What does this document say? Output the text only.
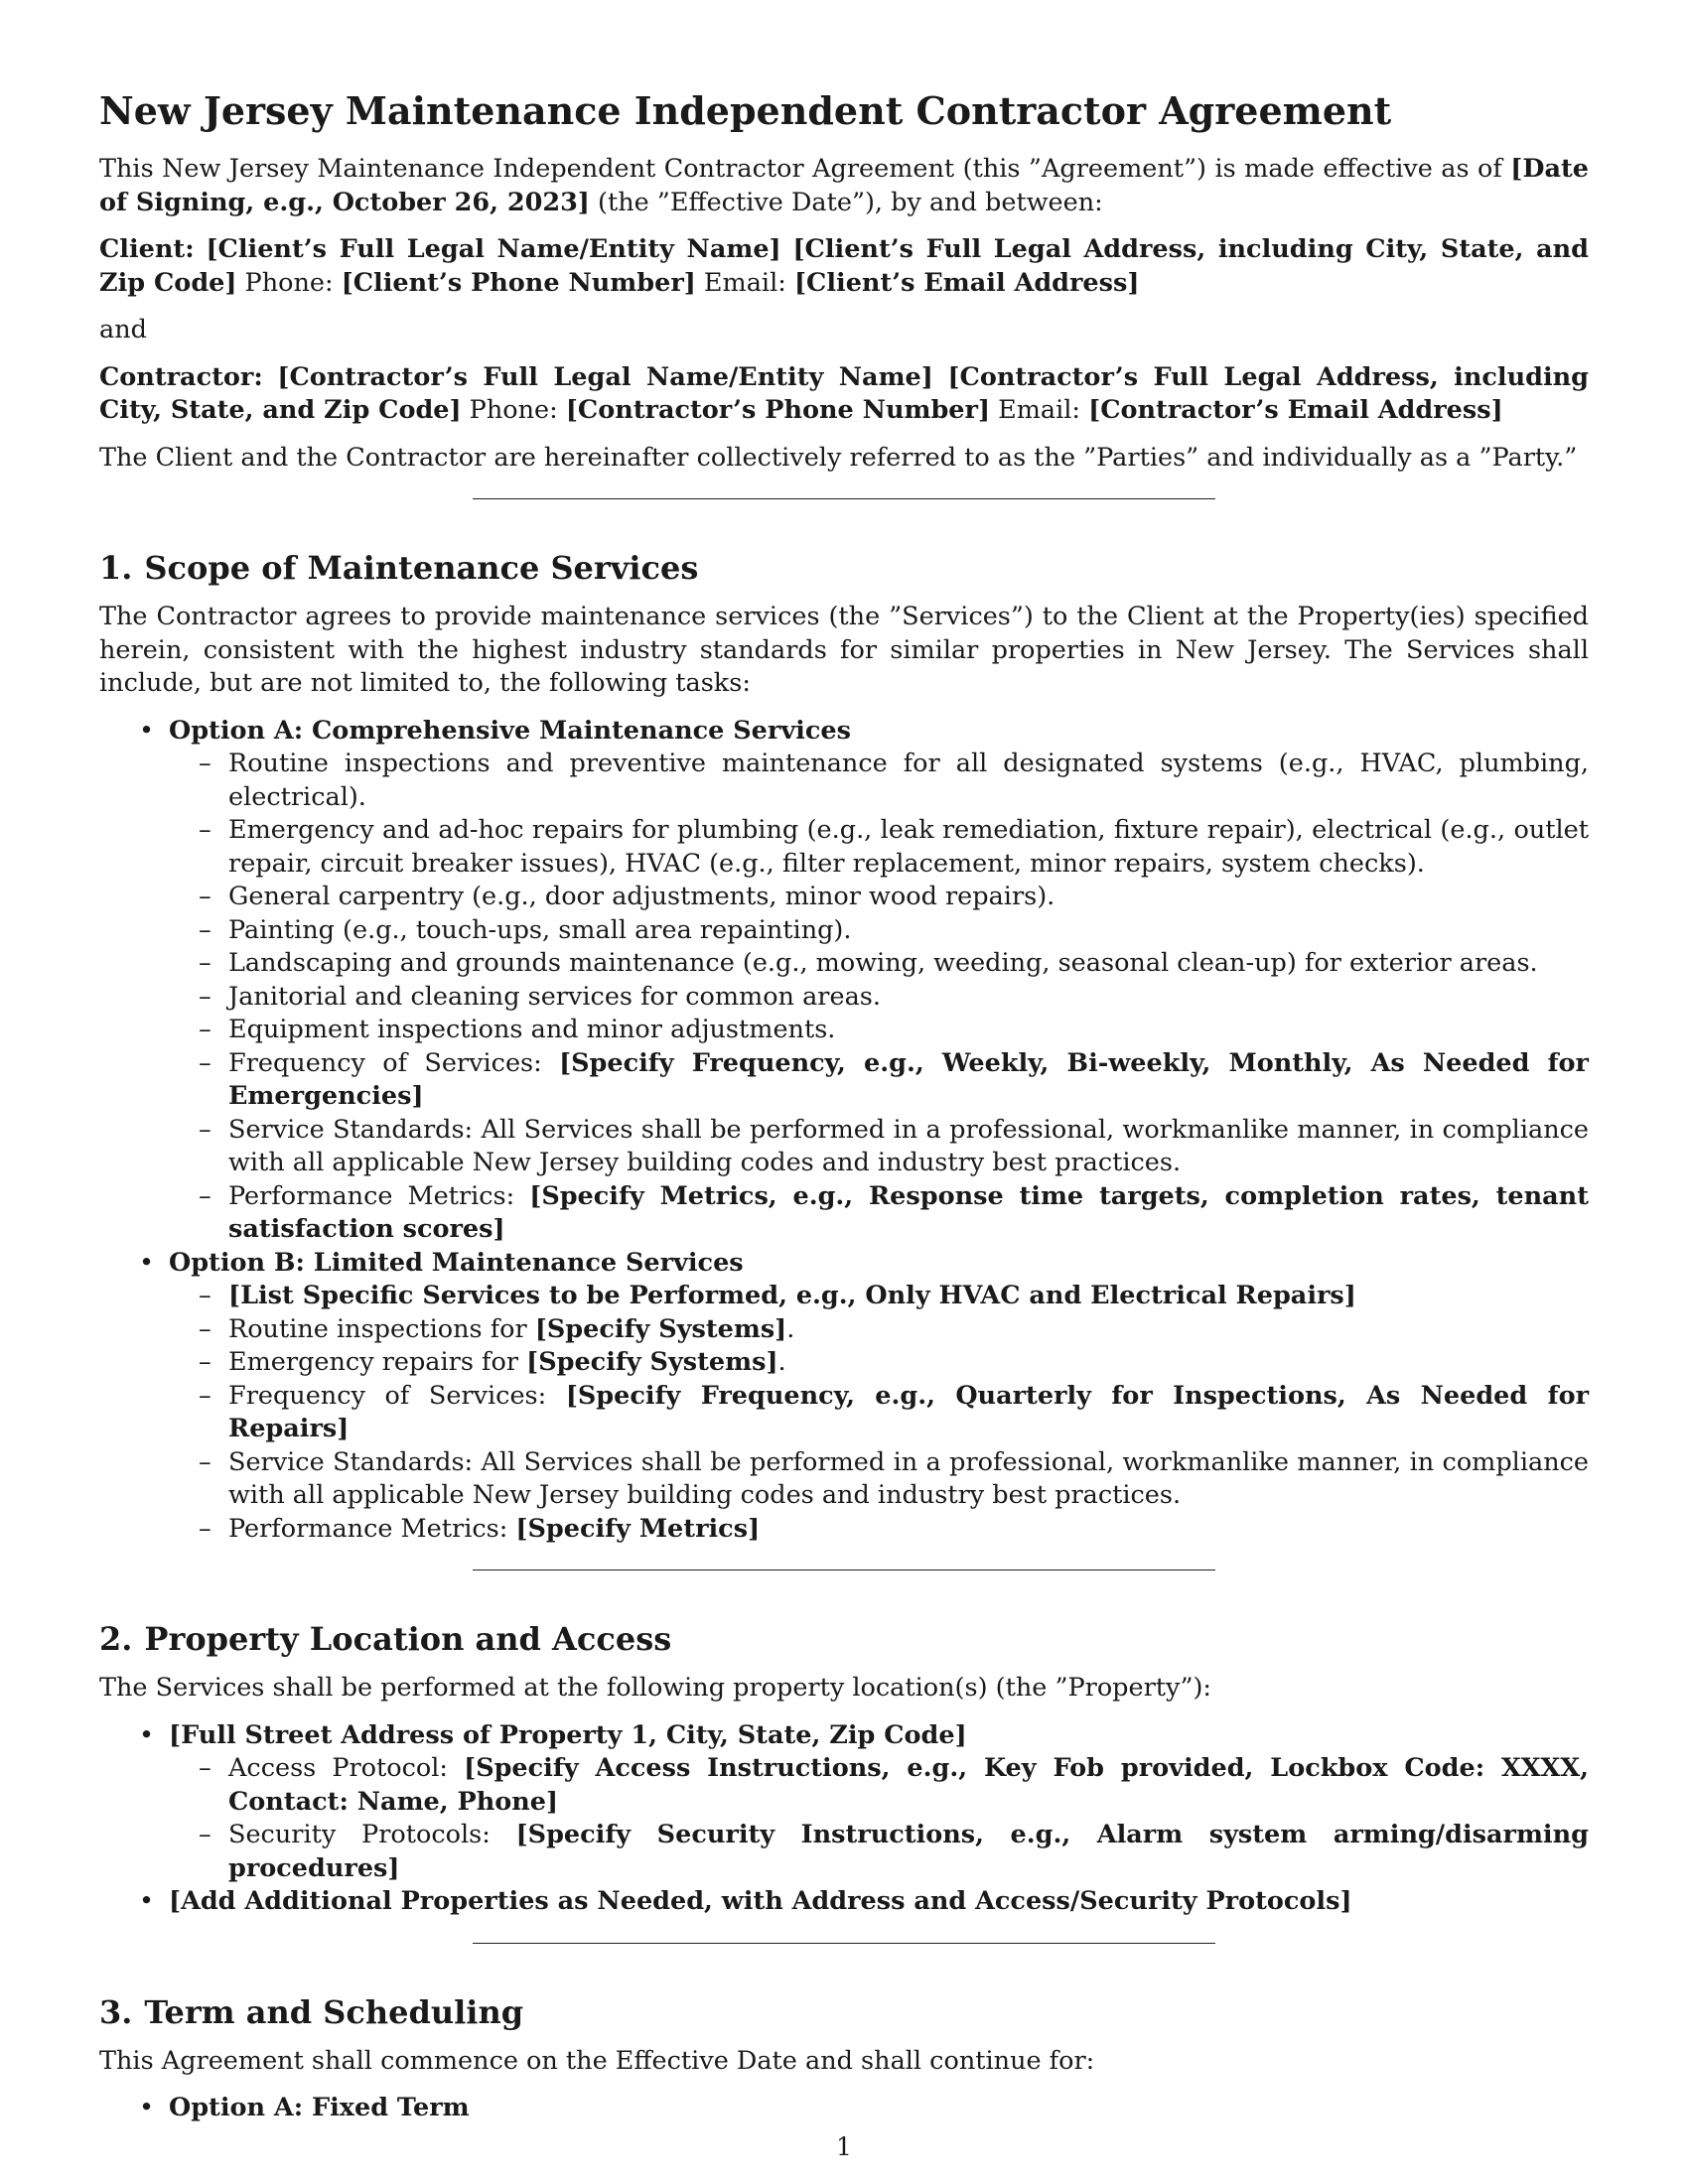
New Jersey Maintenance Independent Contractor Agreement

This New Jersey Maintenance Independent Contractor Agreement (this ”Agreement”) is made effective as of [Date of Signing, e.g., October 26, 2023] (the ”Effective Date”), by and between:

Client: [Client’s Full Legal Name/Entity Name] [Client’s Full Legal Address, including City, State, and Zip Code] Phone: [Client’s Phone Number] Email: [Client’s Email Address]

and

Contractor: [Contractor’s Full Legal Name/Entity Name] [Contractor’s Full Legal Address, including City, State, and Zip Code] Phone: [Contractor’s Phone Number] Email: [Contractor’s Email Address]

The Client and the Contractor are hereinafter collectively referred to as the ”Parties” and individually as a ”Party.”

1. Scope of Maintenance Services

The Contractor agrees to provide maintenance services (the ”Services”) to the Client at the Property(ies) specified herein, consistent with the highest industry standards for similar properties in New Jersey. The Services shall include, but are not limited to, the following tasks:

• Option A: Comprehensive Maintenance Services
– Routine inspections and preventive maintenance for all designated systems (e.g., HVAC, plumbing, electrical).
– Emergency and ad-hoc repairs for plumbing (e.g., leak remediation, fixture repair), electrical (e.g., outlet repair, circuit breaker issues), HVAC (e.g., filter replacement, minor repairs, system checks).
– General carpentry (e.g., door adjustments, minor wood repairs).
– Painting (e.g., touch-ups, small area repainting).
– Landscaping and grounds maintenance (e.g., mowing, weeding, seasonal clean-up) for exterior areas.
– Janitorial and cleaning services for common areas.
– Equipment inspections and minor adjustments.
– Frequency of Services: [Specify Frequency, e.g., Weekly, Bi-weekly, Monthly, As Needed for Emergencies]
– Service Standards: All Services shall be performed in a professional, workmanlike manner, in compliance with all applicable New Jersey building codes and industry best practices.
– Performance Metrics: [Specify Metrics, e.g., Response time targets, completion rates, tenant satisfaction scores]
• Option B: Limited Maintenance Services
– [List Specific Services to be Performed, e.g., Only HVAC and Electrical Repairs]
– Routine inspections for [Specify Systems].
– Emergency repairs for [Specify Systems].
– Frequency of Services: [Specify Frequency, e.g., Quarterly for Inspections, As Needed for Repairs]
– Service Standards: All Services shall be performed in a professional, workmanlike manner, in compliance with all applicable New Jersey building codes and industry best practices.
– Performance Metrics: [Specify Metrics]
2. Property Location and Access

The Services shall be performed at the following property location(s) (the ”Property”):

• [Full Street Address of Property 1, City, State, Zip Code]
– Access Protocol: [Specify Access Instructions, e.g., Key Fob provided, Lockbox Code: XXXX, Contact: Name, Phone]
– Security Protocols: [Specify Security Instructions, e.g., Alarm system arming/disarming procedures]
• [Add Additional Properties as Needed, with Address and Access/Security Protocols]
3. Term and Scheduling

This Agreement shall commence on the Effective Date and shall continue for:

• Option A: Fixed Term
1
